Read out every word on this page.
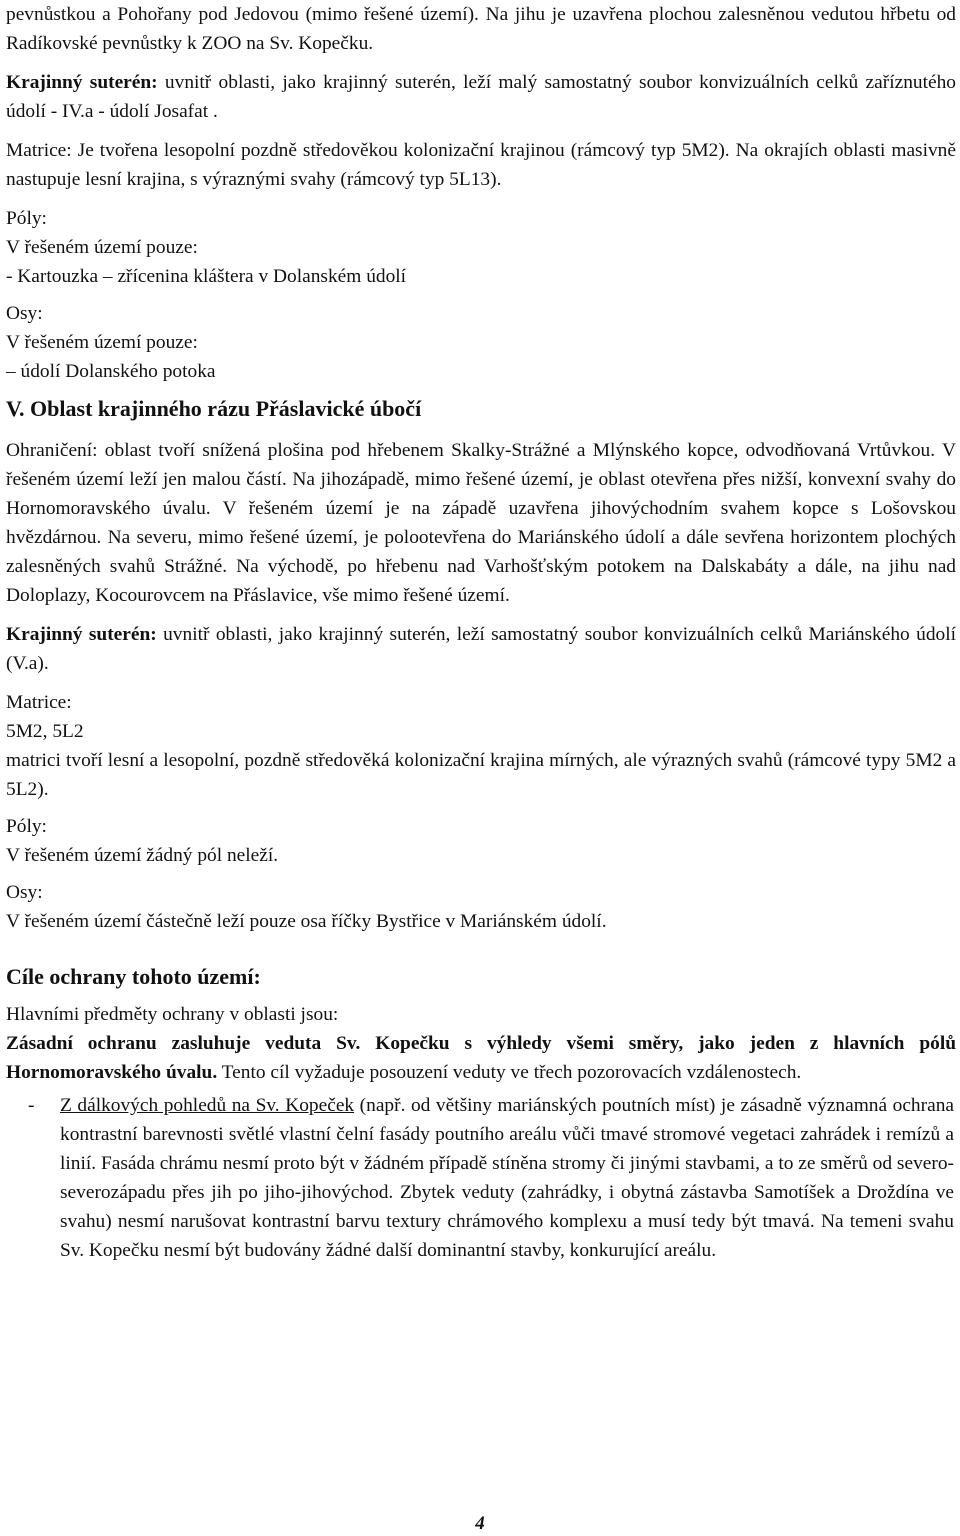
pevnůstkou a Pohořany pod Jedovou (mimo řešené území). Na jihu je uzavřena plochou zalesněnou vedutou hřbetu od Radíkovské pevnůstky k ZOO na Sv. Kopečku.

Krajinný suterén: uvnitř oblasti, jako krajinný suterén, leží malý samostatný soubor konvizuálních celků zaříznutého údolí - IV.a - údolí Josafat .

Matrice: Je tvořena lesopolní pozdně středověkou kolonizační krajinou (rámcový typ 5M2). Na okrajích oblasti masivně nastupuje lesní krajina, s výraznými svahy (rámcový typ 5L13).

Póly:

V řešeném území pouze:

- Kartouzka – zřícenina kláštera v Dolanském údolí

Osy:

V řešeném území pouze:

– údolí Dolanského potoka

V. Oblast krajinného rázu Přáslavické úbočí

Ohraničení: oblast tvoří snížená plošina pod hřebenem Skalky-Strážné a Mlýnského kopce, odvodňovaná Vrtůvkou. V řešeném území leží jen malou částí. Na jihozápadě, mimo řešené území, je oblast otevřena přes nižší, konvexní svahy do Hornomoravského úvalu. V řešeném území je na západě uzavřena jihovýchodním svahem kopce s Lošovskou hvězdárnou. Na severu, mimo řešené území, je polootevřena do Mariánského údolí a dále sevřena horizontem plochých zalesněných svahů Strážné. Na východě, po hřebenu nad Varhošťským potokem na Dalskabáty a dále, na jihu nad Doloplazy, Kocourovcem na Přáslavice, vše mimo řešené území.

Krajinný suterén: uvnitř oblasti, jako krajinný suterén, leží samostatný soubor konvizuálních celků Mariánského údolí (V.a).

Matrice:

5M2, 5L2

matrici tvoří lesní a lesopolní, pozdně středověká kolonizační krajina mírných, ale výrazných svahů (rámcové typy 5M2 a 5L2).

Póly:

V řešeném území žádný pól neleží.

Osy:

V řešeném území částečně leží pouze osa říčky Bystřice v Mariánském údolí.

Cíle ochrany tohoto území:

Hlavními předměty ochrany v oblasti jsou:

Zásadní ochranu zasluhuje veduta Sv. Kopečku s výhledy všemi směry, jako jeden z hlavních pólů Hornomoravského úvalu. Tento cíl vyžaduje posouzení veduty ve třech pozorovacích vzdálenostech.

-	Z dálkových pohledů na Sv. Kopeček (např. od většiny mariánských poutních míst) je zásadně významná ochrana kontrastní barevnosti světlé vlastní čelní fasády poutního areálu vůči tmavé stromové vegetaci zahrádek i remízů a linií. Fasáda chrámu nesmí proto být v žádném případě stíněna stromy či jinými stavbami, a to ze směrů od severo-severozápadu přes jih po jiho-jihovýchod. Zbytek veduty (zahrádky, i obytná zástavba Samotíšek a Droždína ve svahu) nesmí narušovat kontrastní barvu textury chrámového komplexu a musí tedy být tmavá. Na temeni svahu Sv. Kopečku nesmí být budovány žádné další dominantní stavby, konkurující areálu.
4
